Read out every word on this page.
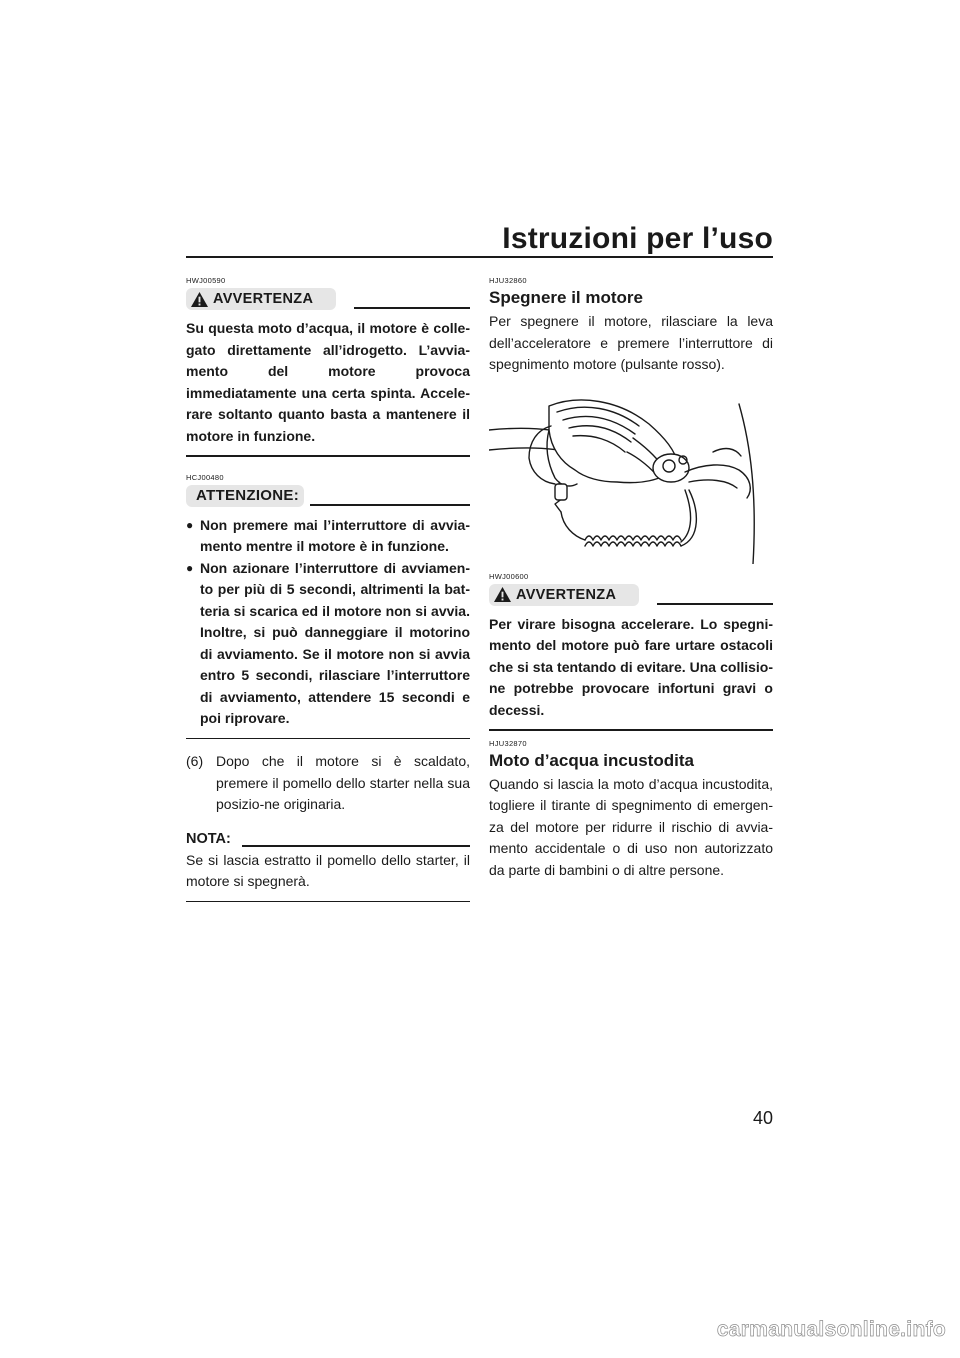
Istruzioni per l’uso
HWJ00590
AVVERTENZA

Su questa moto d’acqua, il motore è colle-gato direttamente all’idrogetto. L’avvia-mento del motore provoca immediatamente una certa spinta. Accele-rare soltanto quanto basta a mantenere il motore in funzione.

HCJ00480
ATTENZIONE:
● Non premere mai l’interruttore di avvia-mento mentre il motore è in funzione.
● Non azionare l’interruttore di avviamen-to per più di 5 secondi, altrimenti la bat-teria si scarica ed il motore non si avvia. Inoltre, si può danneggiare il motorino di avviamento. Se il motore non si avvia entro 5 secondi, rilasciare l’interruttore di avviamento, attendere 15 secondi e poi riprovare.
(6) Dopo che il motore si è scaldato, premere il pomello dello starter nella sua posizio-ne originaria.
NOTA:

Se si lascia estratto il pomello dello starter, il motore si spegnerà.

HJU32860
Spegnere il motore

Per spegnere il motore, rilasciare la leva dell’acceleratore e premere l’interruttore di spegnimento motore (pulsante rosso).

HWJ00600
AVVERTENZA

Per virare bisogna accelerare. Lo spegni-mento del motore può fare urtare ostacoli che si sta tentando di evitare. Una collisio-ne potrebbe provocare infortuni gravi o decessi.

HJU32870
Moto d’acqua incustodita

Quando si lascia la moto d’acqua incustodita, togliere il tirante di spegnimento di emergen-za del motore per ridurre il rischio di avvia-mento accidentale o di uso non autorizzato da parte di bambini o di altre persone.

40
carmanualsonline.info
